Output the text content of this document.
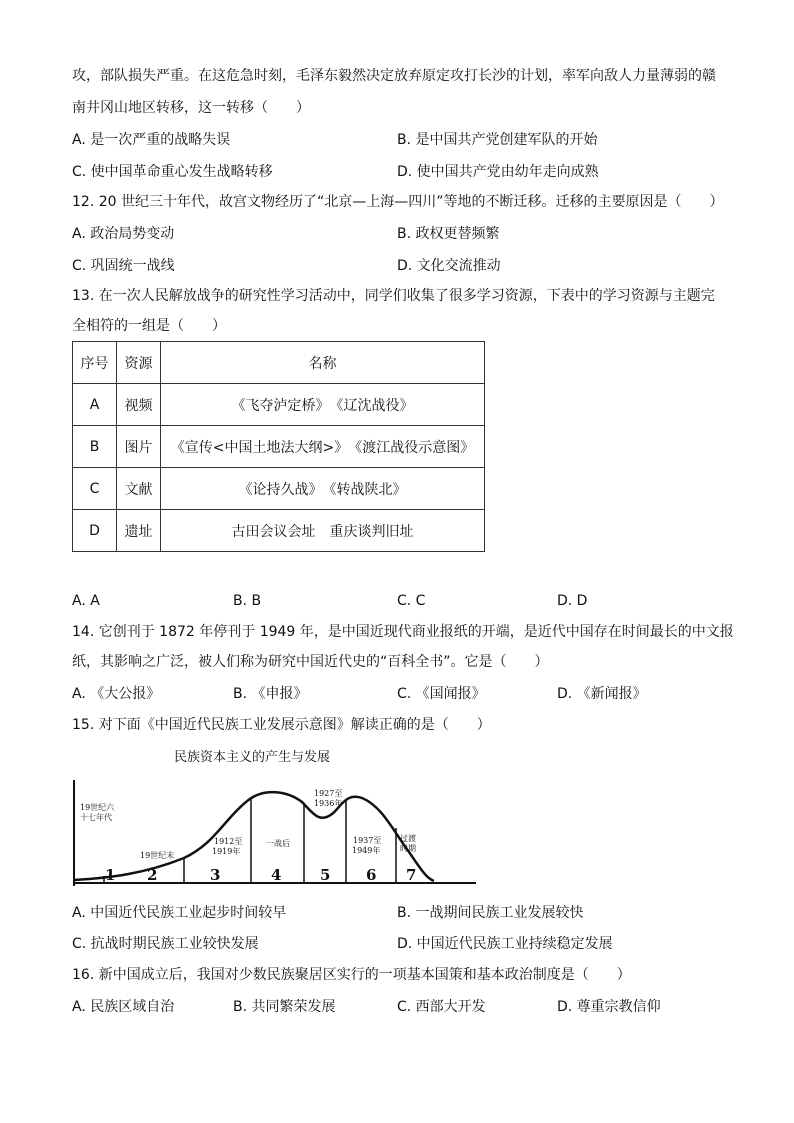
攻，部队损失严重。在这危急时刻，毛泽东毅然决定放弃原定攻打长沙的计划，率军向敌人力量薄弱的赣
南井冈山地区转移，这一转移（　　）
A. 是一次严重的战略失误	B. 是中国共产党创建军队的开始
C. 使中国革命重心发生战略转移	D. 使中国共产党由幼年走向成熟
12. 20 世纪三十年代，故宫文物经历了“北京—上海—四川”等地的不断迁移。迁移的主要原因是（　　）
A. 政治局势变动	B. 政权更替频繁
C. 巩固统一战线	D. 文化交流推动
13. 在一次人民解放战争的研究性学习活动中，同学们收集了很多学习资源，下表中的学习资源与主题完
全相符的一组是（　　）
序号	资源	名称
A	视频	《飞夺泸定桥》　《辽沈战役》
B	图片	《宣传<中国土地法大纲>》　《渡江战役示意图》
C	文献	《论持久战》　《转战陕北》
D	遗址	古田会议会址　重庆谈判旧址
A. A	B. B	C. C	D. D
14. 它创刊于 1872 年停刊于 1949 年，是中国近现代商业报纸的开端，是近代中国存在时间最长的中文报
纸，其影响之广泛，被人们称为研究中国近代史的“百科全书”。它是（　　）
A. 《大公报》	B. 《申报》	C. 《国闻报》	D. 《新闻报》
15. 对下面《中国近代民族工业发展示意图》解读正确的是（　　）
民族资本主义的产生与发展
1 2	3	4	5 6 7
19世纪六
十七年代
19世纪末
1912至
1919年
一战后
1927至
1936年
1937至
1949年
过渡
时期
A. 中国近代民族工业起步时间较早	B. 一战期间民族工业发展较快
C. 抗战时期民族工业较快发展	D. 中国近代民族工业持续稳定发展
16. 新中国成立后，我国对少数民族聚居区实行的一项基本国策和基本政治制度是（　　）
A. 民族区域自治	B. 共同繁荣发展	C. 西部大开发	D. 尊重宗教信仰
